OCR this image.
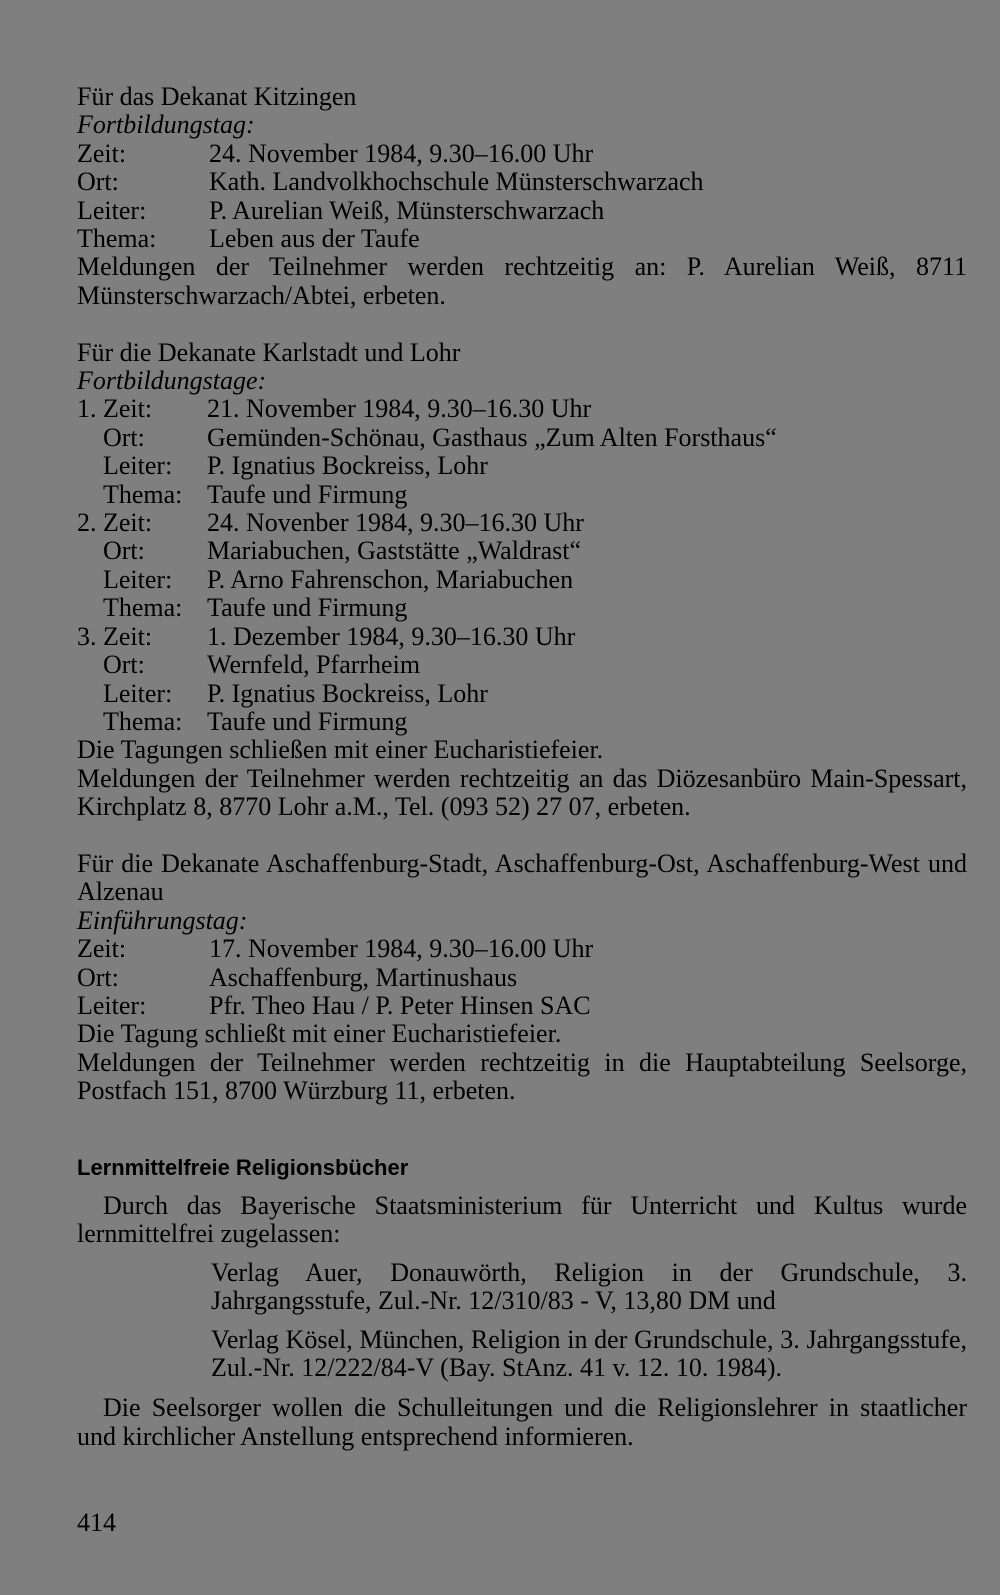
Für das Dekanat Kitzingen
Fortbildungstag:
Zeit:	24. November 1984, 9.30–16.00 Uhr
Ort:	Kath. Landvolkhochschule Münsterschwarzach
Leiter:	P. Aurelian Weiß, Münsterschwarzach
Thema:	Leben aus der Taufe
Meldungen der Teilnehmer werden rechtzeitig an: P. Aurelian Weiß, 8711 Münsterschwarzach/Abtei, erbeten.
Für die Dekanate Karlstadt und Lohr
Fortbildungstage:
1. Zeit:	21. November 1984, 9.30–16.30 Uhr
Ort:	Gemünden-Schönau, Gasthaus „Zum Alten Forsthaus“
Leiter:	P. Ignatius Bockreiss, Lohr
Thema: Taufe und Firmung
2. Zeit:	24. Novenber 1984, 9.30–16.30 Uhr
Ort:	Mariabuchen, Gaststätte „Waldrast“
Leiter:	P. Arno Fahrenschon, Mariabuchen
Thema: Taufe und Firmung
3. Zeit:	1. Dezember 1984, 9.30–16.30 Uhr
Ort:	Wernfeld, Pfarrheim
Leiter:	P. Ignatius Bockreiss, Lohr
Thema: Taufe und Firmung
Die Tagungen schließen mit einer Eucharistiefeier.
Meldungen der Teilnehmer werden rechtzeitig an das Diözesanbüro Main-Spessart, Kirchplatz 8, 8770 Lohr a.M., Tel. (093 52) 27 07, erbeten.
Für die Dekanate Aschaffenburg-Stadt, Aschaffenburg-Ost, Aschaffenburg-West und Alzenau
Einführungstag:
Zeit:	17. November 1984, 9.30–16.00 Uhr
Ort:	Aschaffenburg, Martinushaus
Leiter:	Pfr. Theo Hau / P. Peter Hinsen SAC
Die Tagung schließt mit einer Eucharistiefeier.
Meldungen der Teilnehmer werden rechtzeitig in die Hauptabteilung Seelsorge, Postfach 151, 8700 Würzburg 11, erbeten.
Lernmittelfreie Religionsbücher
Durch das Bayerische Staatsministerium für Unterricht und Kultus wurde lernmittelfrei zugelassen:
Verlag Auer, Donauwörth, Religion in der Grundschule, 3. Jahrgangsstufe, Zul.-Nr. 12/310/83 - V, 13,80 DM und
Verlag Kösel, München, Religion in der Grundschule, 3. Jahrgangsstufe, Zul.-Nr. 12/222/84-V (Bay. StAnz. 41 v. 12. 10. 1984).
Die Seelsorger wollen die Schulleitungen und die Religionslehrer in staatlicher und kirchlicher Anstellung entsprechend informieren.
414
